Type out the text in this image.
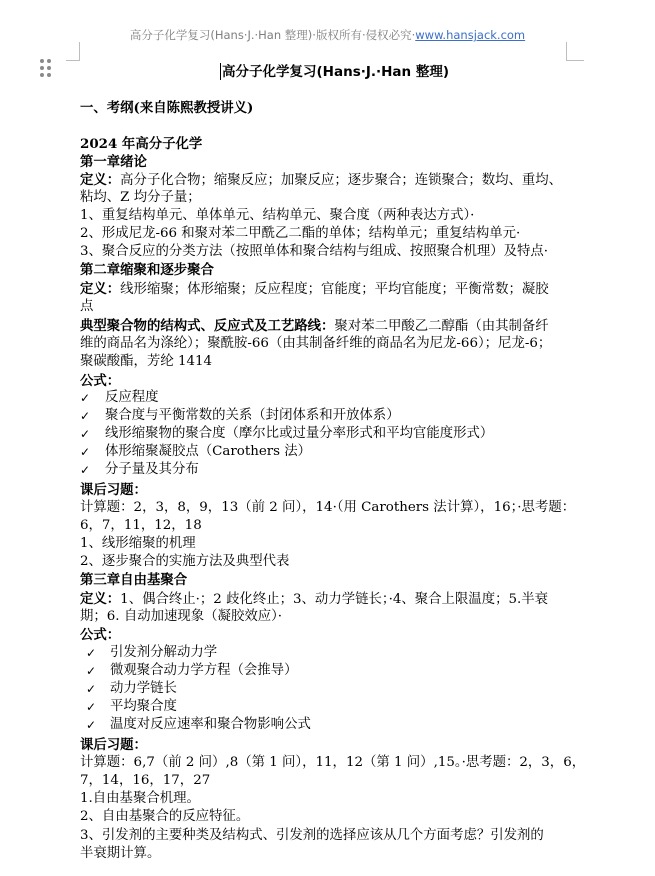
高分子化学复习(Hans·J.·Han 整理)·版权所有·侵权必究·www.hansjack.com
高分子化学复习(Hans·J.·Han 整理)
一、考纲(来自陈熙教授讲义)
2024 年高分子化学
第一章绪论
定义：高分子化合物；缩聚反应；加聚反应；逐步聚合；连锁聚合；数均、重均、
粘均、Z 均分子量；
1、重复结构单元、单体单元、结构单元、聚合度（两种表达方式）·
2、形成尼龙-66 和聚对苯二甲酰乙二酯的单体；结构单元；重复结构单元·
3、聚合反应的分类方法（按照单体和聚合结构与组成、按照聚合机理）及特点·
第二章缩聚和逐步聚合
定义：线形缩聚；体形缩聚；反应程度；官能度；平均官能度；平衡常数；凝胶
点
典型聚合物的结构式、反应式及工艺路线：聚对苯二甲酸乙二醇酯（由其制备纤
维的商品名为涤纶）；聚酰胺-66（由其制备纤维的商品名为尼龙-66）；尼龙-6；
聚碳酸酯，芳纶 1414
公式：
✓ 反应程度
✓ 聚合度与平衡常数的关系（封闭体系和开放体系）
✓ 线形缩聚物的聚合度（摩尔比或过量分率形式和平均官能度形式）
✓ 体形缩聚凝胶点（Carothers 法）
✓ 分子量及其分布
课后习题：
计算题：2，3，8，9，13（前 2 问），14·（用 Carothers 法计算），16；·思考题：
6，7，11，12，18
1、线形缩聚的机理
2、逐步聚合的实施方法及典型代表
第三章自由基聚合
定义：1、偶合终止·；2 歧化终止；3、动力学链长；·4、聚合上限温度；5.半衰
期；6. 自动加速现象（凝胶效应）·
公式：
✓ 引发剂分解动力学
✓ 微观聚合动力学方程（会推导）
✓ 动力学链长
✓ 平均聚合度
✓ 温度对反应速率和聚合物影响公式
课后习题：
计算题：6,7（前 2 问）,8（第 1 问），11，12（第 1 问）,15。·思考题：2，3，6，
7，14，16，17，27
1.自由基聚合机理。
2、自由基聚合的反应特征。
3、引发剂的主要种类及结构式、引发剂的选择应该从几个方面考虑？引发剂的
半衰期计算。
